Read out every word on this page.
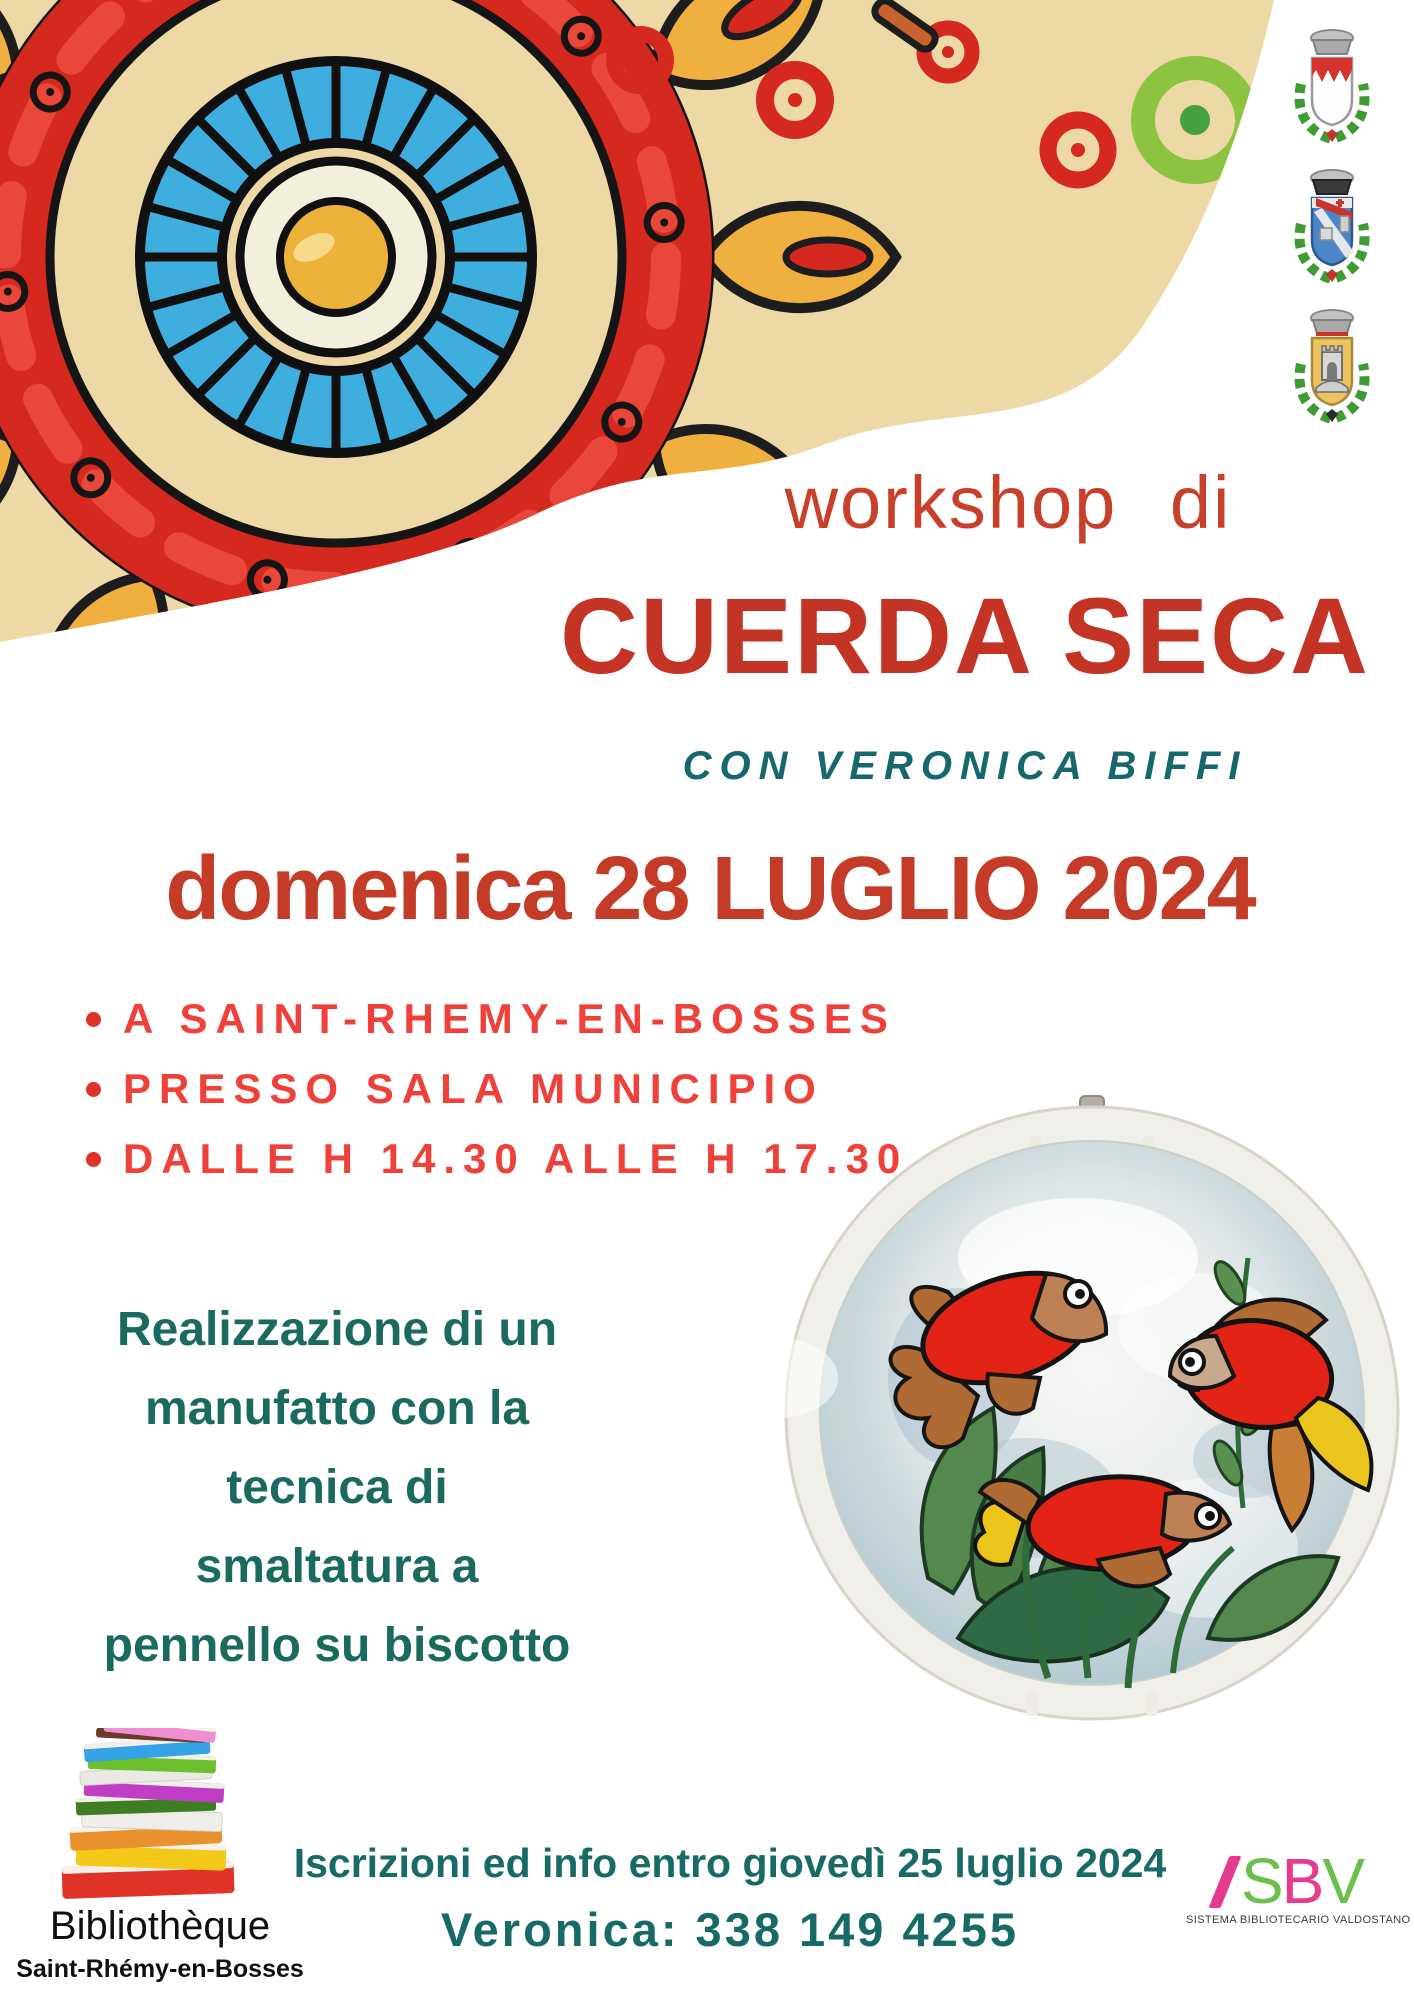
workshop di
CUERDA SECA
CON VERONICA BIFFI
domenica 28 LUGLIO 2024
A SAINT-RHEMY-EN-BOSSES
PRESSO SALA MUNICIPIO
DALLE H 14.30 ALLE H 17.30
Realizzazione di un
manufatto con la
tecnica di
smaltatura a
pennello su biscotto
Bibliothèque
Saint-Rhémy-en-Bosses
Iscrizioni ed info entro giovedì 25 luglio 2024
Veronica: 338 149 4255
S
B
V
SISTEMA BIBLIOTECARIO VALDOSTANO
